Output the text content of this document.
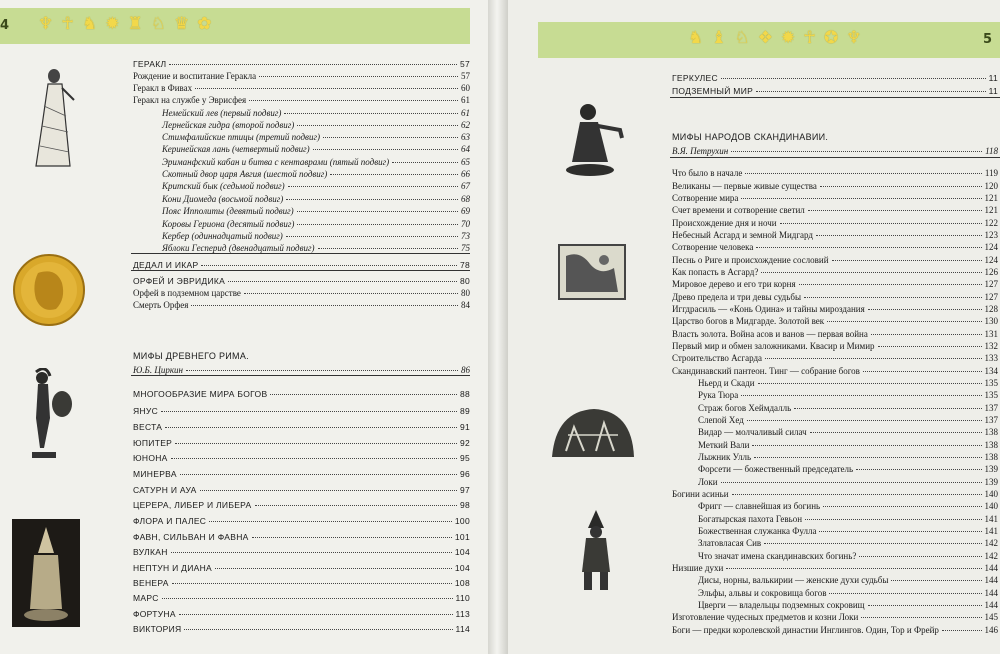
4 ♆ ☥ ♞ ✹ ♜ ♘ ♛ ✿
ГЕРАКЛ	57
Рождение и воспитание Геракла	57
Геракл в Фивах	60
Геракл на службе у Эврисфея	61
Немейский лев (первый подвиг)	61
Лернейская гидра (второй подвиг)	62
Стимфалийские птицы (третий подвиг)	63
Керинейская лань (четвертый подвиг)	64
Эриманфский кабан и битва с кентаврами (пятый подвиг)	65
Скотный двор царя Авгия (шестой подвиг)	66
Критский бык (седьмой подвиг)	67
Кони Диомеда (восьмой подвиг)	68
Пояс Ипполиты (девятый подвиг)	69
Коровы Гериона (десятый подвиг)	70
Кербер (одиннадцатый подвиг)	73
Яблоки Гесперид (двенадцатый подвиг)	75
ДЕДАЛ И ИКАР	78
ОРФЕЙ И ЭВРИДИКА	80
Орфей в подземном царстве	80
Смерть Орфея	84
МИФЫ ДРЕВНЕГО РИМА.
Ю.Б. Циркин	86
МНОГООБРАЗИЕ МИРА БОГОВ	88
ЯНУС	89
ВЕСТА	91
ЮПИТЕР	92
ЮНОНА	95
МИНЕРВА	96
САТУРН И АУА	97
ЦЕРЕРА, ЛИБЕР И ЛИБЕРА	98
ФЛОРА И ПАЛЕС	100
ФАВН, СИЛЬВАН И ФАВНА	101
ВУЛКАН	104
НЕПТУН И ДИАНА	104
ВЕНЕРА	108
МАРС	110
ФОРТУНА	113
ВИКТОРИЯ	114
5
♞ ♝ ♘ ❖ ✹ ☥ ✪ ♆
ГЕРКУЛЕС	11
ПОДЗЕМНЫЙ МИР	11
МИФЫ НАРОДОВ СКАНДИНАВИИ.
В.Я. Петрухин	118
Что было в начале	119
Великаны — первые живые существа	120
Сотворение мира	121
Счет времени и сотворение светил	121
Происхождение дня и ночи	122
Небесный Асгард и земной Мидгард	123
Сотворение человека	124
Песнь о Риге и происхождение сословий	124
Как попасть в Асгард?	126
Мировое дерево и его три корня	127
Древо предела и три девы судьбы	127
Иггдрасиль — «Конь Одина» и тайны мироздания	128
Царство богов в Мидгарде. Золотой век	130
Власть золота. Война асов и ванов — первая война	131
Первый мир и обмен заложниками. Квасир и Мимир	132
Строительство Асгарда	133
Скандинавский пантеон. Тинг — собрание богов	134
Ньерд и Скади	135
Рука Тюра	135
Страж богов Хеймдалль	137
Слепой Хед	137
Видар — молчаливый силач	138
Меткий Вали	138
Лыжник Улль	138
Форсети — божественный председатель	139
Локи	139
Богини асиньи	140
Фригг — славнейшая из богинь	140
Богатырская пахота Гевьон	141
Божественная служанка Фулла	141
Златовласая Сив	142
Что значат имена скандинавских богинь?	142
Низшие духи	144
Дисы, норны, валькирии — женские духи судьбы	144
Эльфы, альвы и сокровища богов	144
Цверги — владельцы подземных сокровищ	144
Изготовление чудесных предметов и козни Локи	145
Боги — предки королевской династии Инглингов. Один, Тор и Фрейр	146
